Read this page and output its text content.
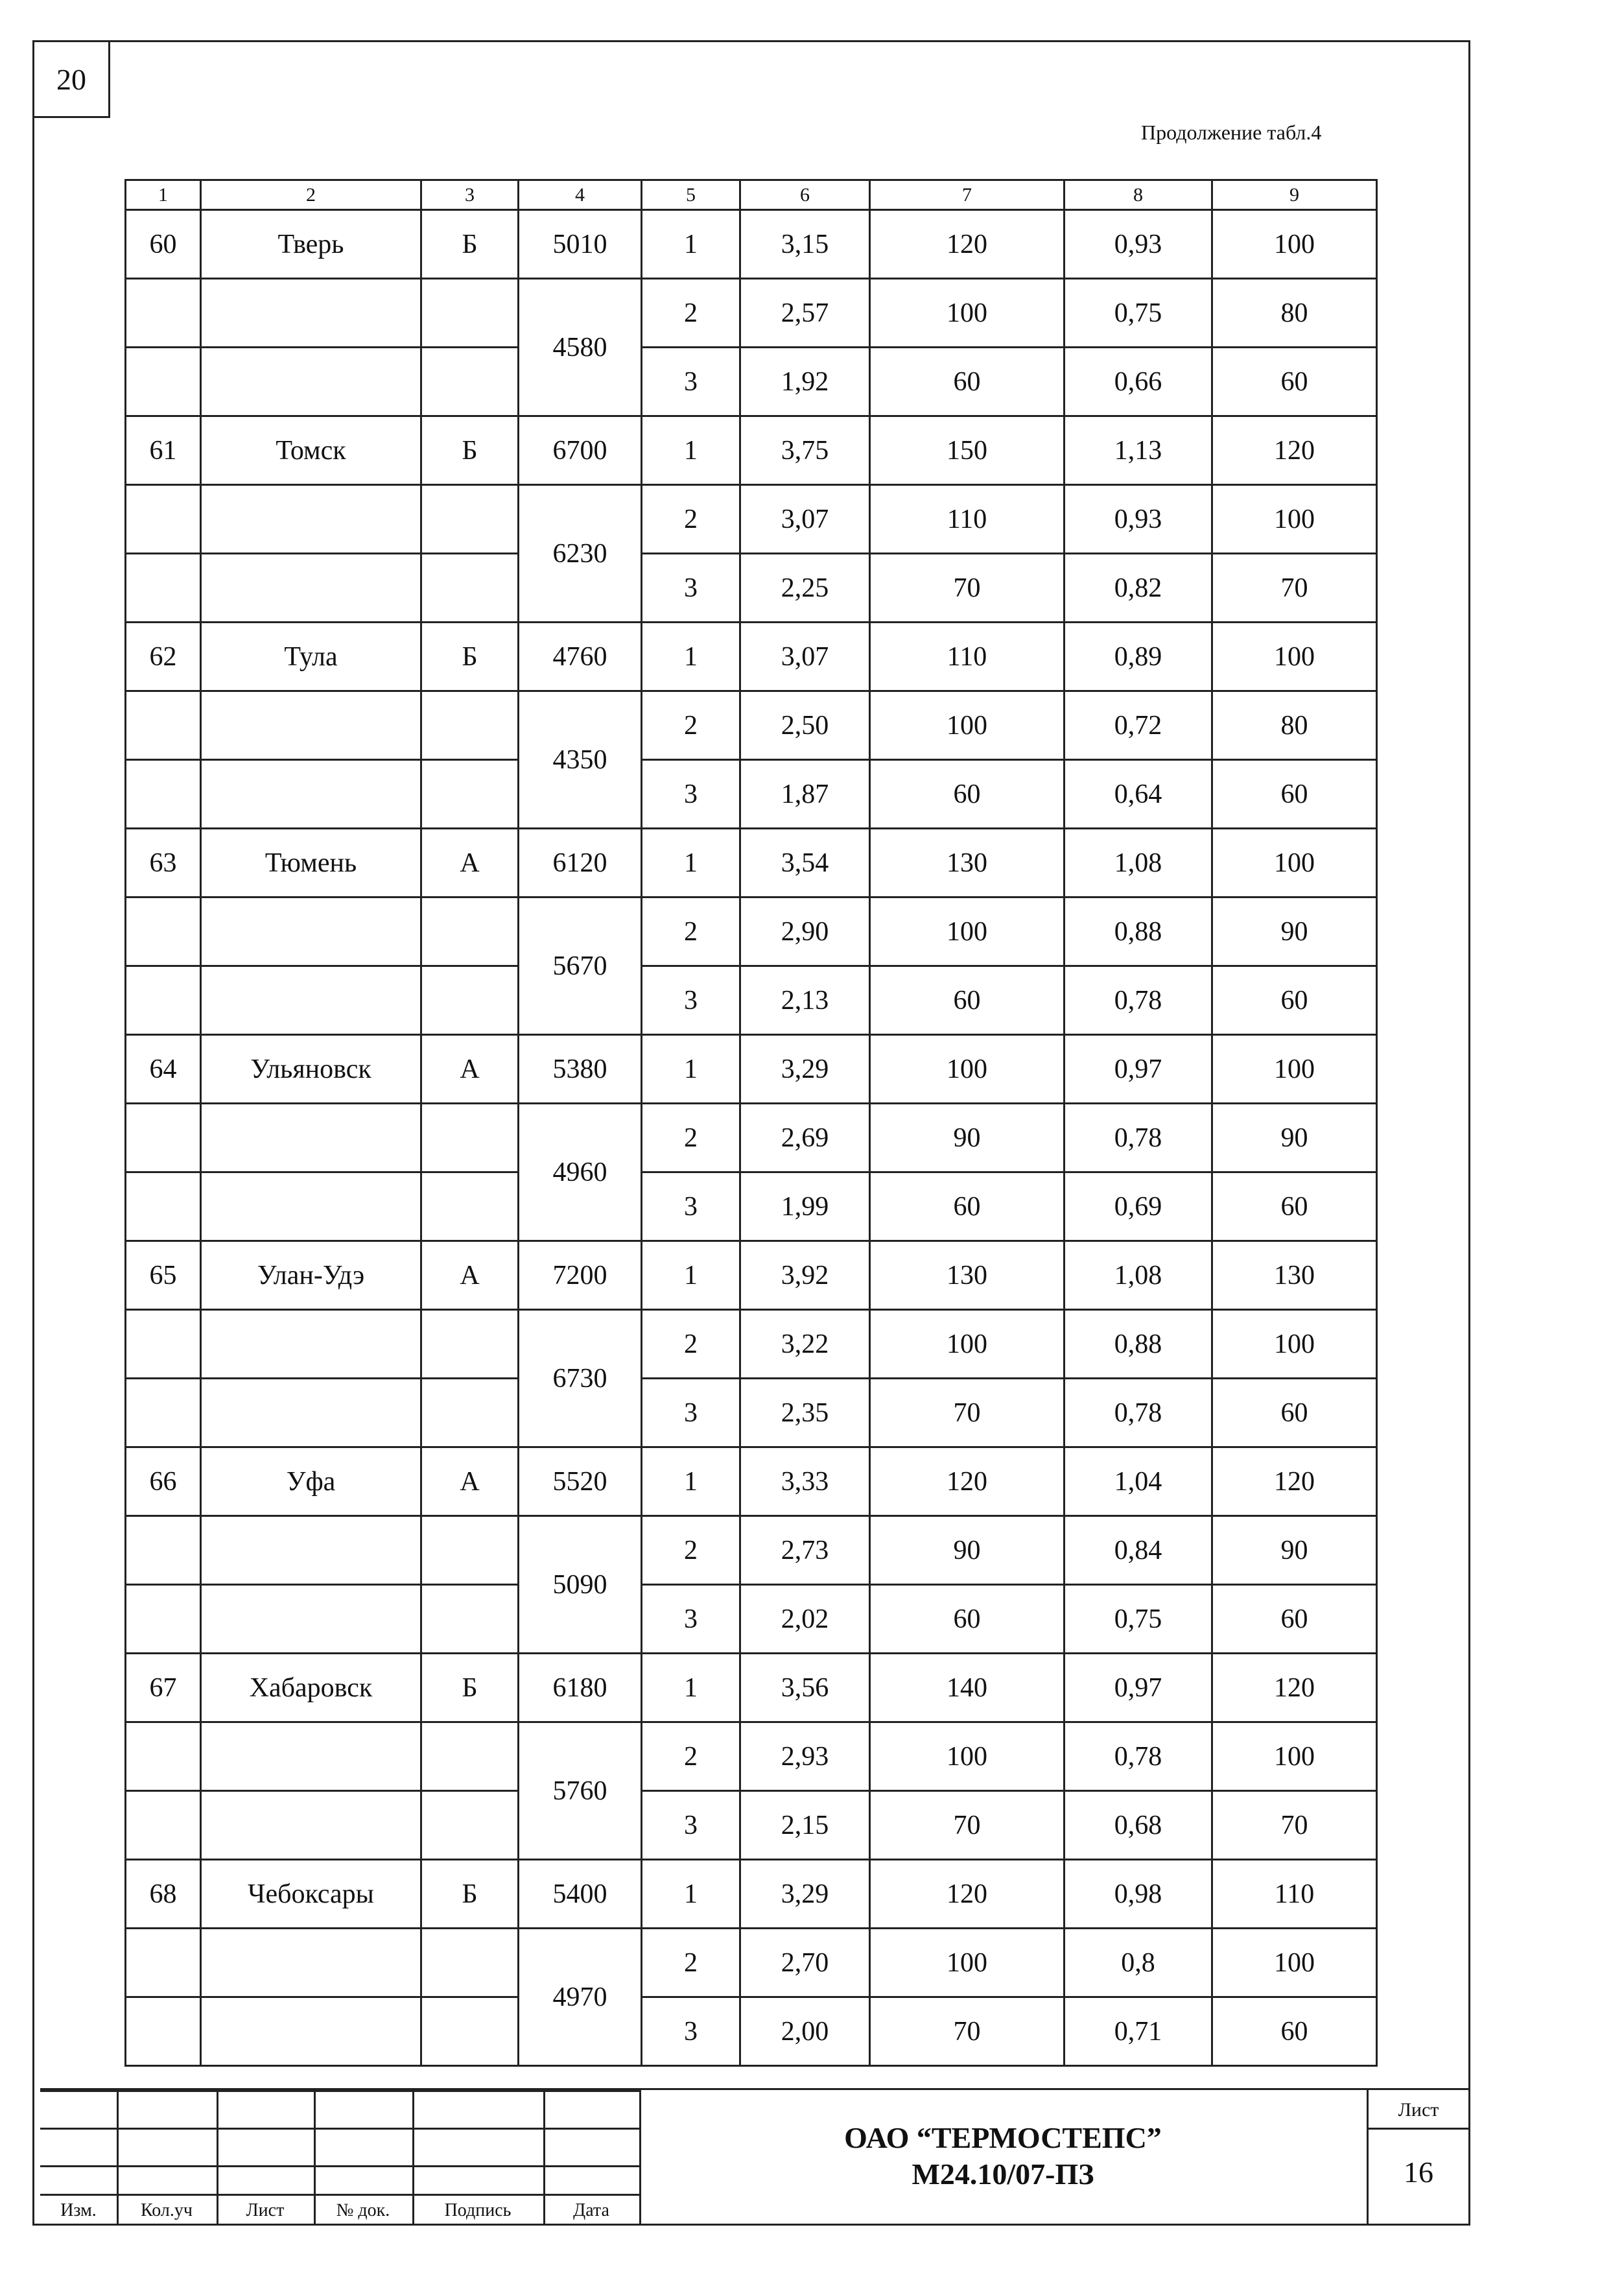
20
Продолжение табл.4
1	2	3	4	5	6	7	8	9
60	Тверь	Б	5010	1	3,15	120	0,93	100
			4580	2	2,57	100	0,75	80
				3	1,92	60	0,66	60
61	Томск	Б	6700	1	3,75	150	1,13	120
			6230	2	3,07	110	0,93	100
				3	2,25	70	0,82	70
62	Тула	Б	4760	1	3,07	110	0,89	100
			4350	2	2,50	100	0,72	80
				3	1,87	60	0,64	60
63	Тюмень	А	6120	1	3,54	130	1,08	100
			5670	2	2,90	100	0,88	90
				3	2,13	60	0,78	60
64	Ульяновск	А	5380	1	3,29	100	0,97	100
			4960	2	2,69	90	0,78	90
				3	1,99	60	0,69	60
65	Улан-Удэ	А	7200	1	3,92	130	1,08	130
			6730	2	3,22	100	0,88	100
				3	2,35	70	0,78	60
66	Уфа	А	5520	1	3,33	120	1,04	120
			5090	2	2,73	90	0,84	90
				3	2,02	60	0,75	60
67	Хабаровск	Б	6180	1	3,56	140	0,97	120
			5760	2	2,93	100	0,78	100
				3	2,15	70	0,68	70
68	Чебоксары	Б	5400	1	3,29	120	0,98	110
			4970	2	2,70	100	0,8	100
				3	2,00	70	0,71	60
Изм.	Кол.уч	Лист	№ док.	Подпись	Дата
ОАО “ТЕРМОСТЕПС”
М24.10/07-ПЗ
Лист
16
